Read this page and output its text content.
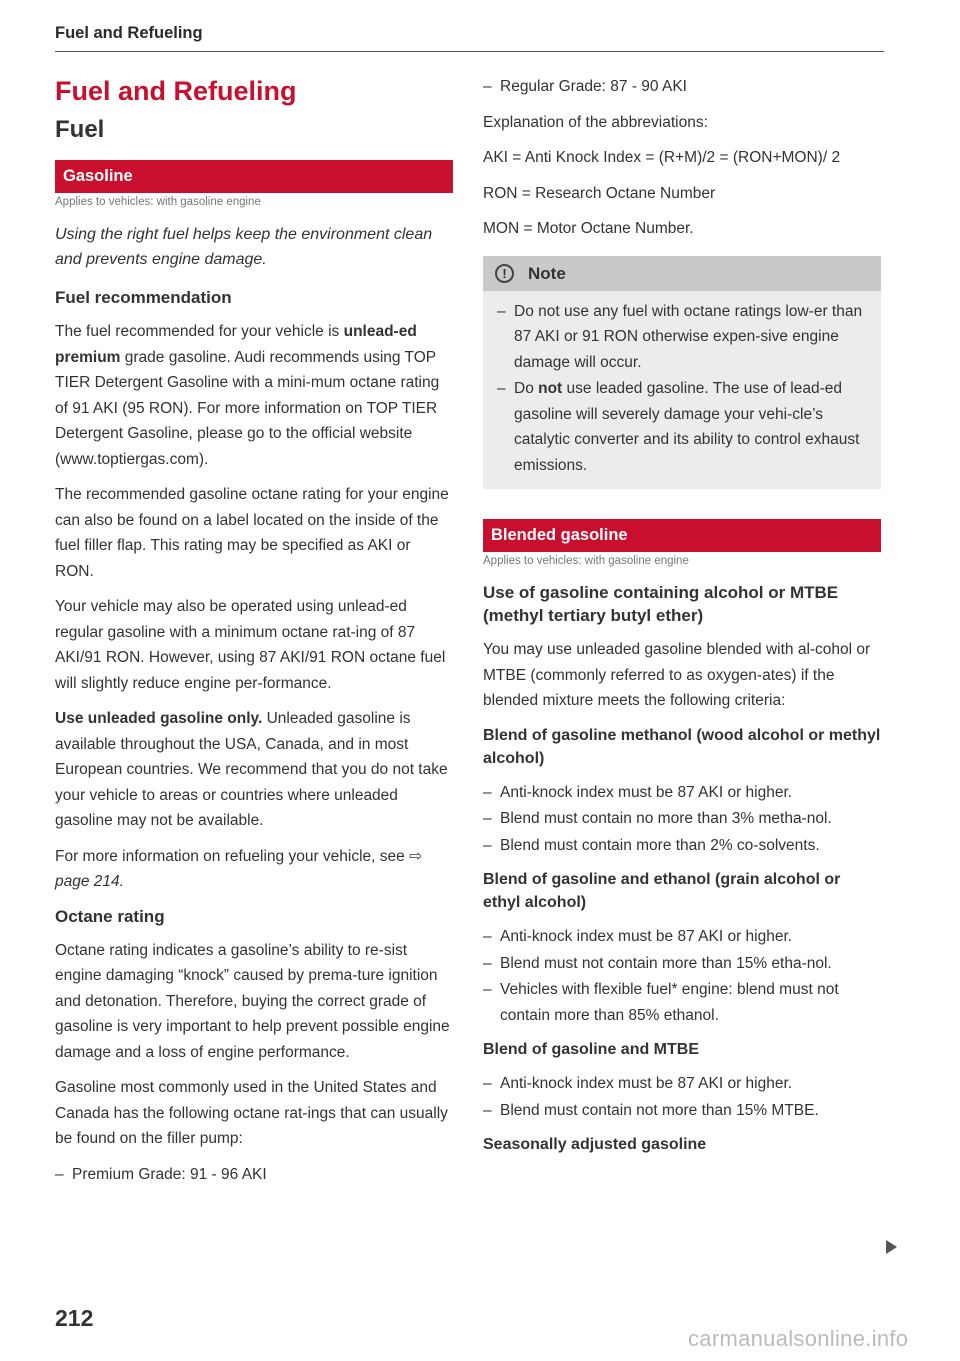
Fuel and Refueling
Fuel and Refueling
Fuel
Gasoline
Applies to vehicles: with gasoline engine
Using the right fuel helps keep the environment clean and prevents engine damage.
Fuel recommendation

The fuel recommended for your vehicle is unlead-ed premium grade gasoline. Audi recommends using TOP TIER Detergent Gasoline with a mini-mum octane rating of 91 AKI (95 RON). For more information on TOP TIER Detergent Gasoline, please go to the official website (www.toptiergas.com).

The recommended gasoline octane rating for your engine can also be found on a label located on the inside of the fuel filler flap. This rating may be specified as AKI or RON.

Your vehicle may also be operated using unlead-ed regular gasoline with a minimum octane rat-ing of 87 AKI/91 RON. However, using 87 AKI/91 RON octane fuel will slightly reduce engine per-formance.

Use unleaded gasoline only. Unleaded gasoline is available throughout the USA, Canada, and in most European countries. We recommend that you do not take your vehicle to areas or countries where unleaded gasoline may not be available.

For more information on refueling your vehicle, see ⇨ page 214.

Octane rating

Octane rating indicates a gasoline’s ability to re-sist engine damaging “knock” caused by prema-ture ignition and detonation. Therefore, buying the correct grade of gasoline is very important to help prevent possible engine damage and a loss of engine performance.

Gasoline most commonly used in the United States and Canada has the following octane rat-ings that can usually be found on the filler pump:

– Premium Grade: 91 - 96 AKI
– Regular Grade: 87 - 90 AKI

Explanation of the abbreviations:

AKI = Anti Knock Index = (R+M)/2 = (RON+MON)/ 2

RON = Research Octane Number

MON = Motor Octane Number.

!	Note
– Do not use any fuel with octane ratings low-er than 87 AKI or 91 RON otherwise expen-sive engine damage will occur.
– Do not use leaded gasoline. The use of lead-ed gasoline will severely damage your vehi-cle’s catalytic converter and its ability to control exhaust emissions.
Blended gasoline
Applies to vehicles: with gasoline engine
Use of gasoline containing alcohol or MTBE (methyl tertiary butyl ether)

You may use unleaded gasoline blended with al-cohol or MTBE (commonly referred to as oxygen-ates) if the blended mixture meets the following criteria:

Blend of gasoline methanol (wood alcohol or methyl alcohol)
– Anti-knock index must be 87 AKI or higher.
– Blend must contain no more than 3% metha-nol.
– Blend must contain more than 2% co-solvents.
Blend of gasoline and ethanol (grain alcohol or ethyl alcohol)
– Anti-knock index must be 87 AKI or higher.
– Blend must not contain more than 15% etha-nol.
– Vehicles with flexible fuel* engine: blend must not contain more than 85% ethanol.
Blend of gasoline and MTBE
– Anti-knock index must be 87 AKI or higher.
– Blend must contain not more than 15% MTBE.
Seasonally adjusted gasoline
212
carmanualsonline.info
